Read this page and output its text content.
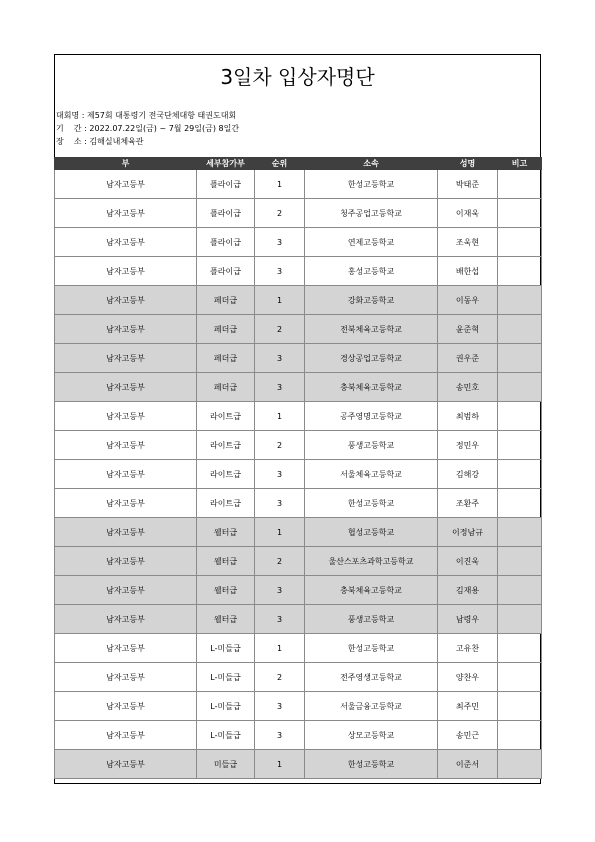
3일차 입상자명단
대회명 : 제57회 대통령기 전국단체대항 태권도대회
기    간 : 2022.07.22일(금) ~ 7월 29일(금) 8일간
장    소 : 김해실내체육관
부	세부참가부	순위	소속	성명	비고
남자고등부	플라이급	1	한성고등학교	박태준	
남자고등부	플라이급	2	청주공업고등학교	이재욱	
남자고등부	플라이급	3	연제고등학교	조욱현	
남자고등부	플라이급	3	홍성고등학교	배한섭	
남자고등부	페더급	1	강화고등학교	이동우	
남자고등부	페더급	2	전북체육고등학교	윤준혁	
남자고등부	페더급	3	경상공업고등학교	권우준	
남자고등부	페더급	3	충북체육고등학교	송민호	
남자고등부	라이트급	1	공주영명고등학교	최범하	
남자고등부	라이트급	2	풍생고등학교	정민우	
남자고등부	라이트급	3	서울체육고등학교	김해강	
남자고등부	라이트급	3	한성고등학교	조환주	
남자고등부	웰터급	1	협성고등학교	이정남규	
남자고등부	웰터급	2	울산스포츠과학고등학교	이진욱	
남자고등부	웰터급	3	충북체육고등학교	김재용	
남자고등부	웰터급	3	풍생고등학교	남령우	
남자고등부	L-미들급	1	한성고등학교	고유찬	
남자고등부	L-미들급	2	전주영생고등학교	양찬우	
남자고등부	L-미들급	3	서울금융고등학교	최주민	
남자고등부	L-미들급	3	상모고등학교	송민근	
남자고등부	미들급	1	한성고등학교	이준서	
